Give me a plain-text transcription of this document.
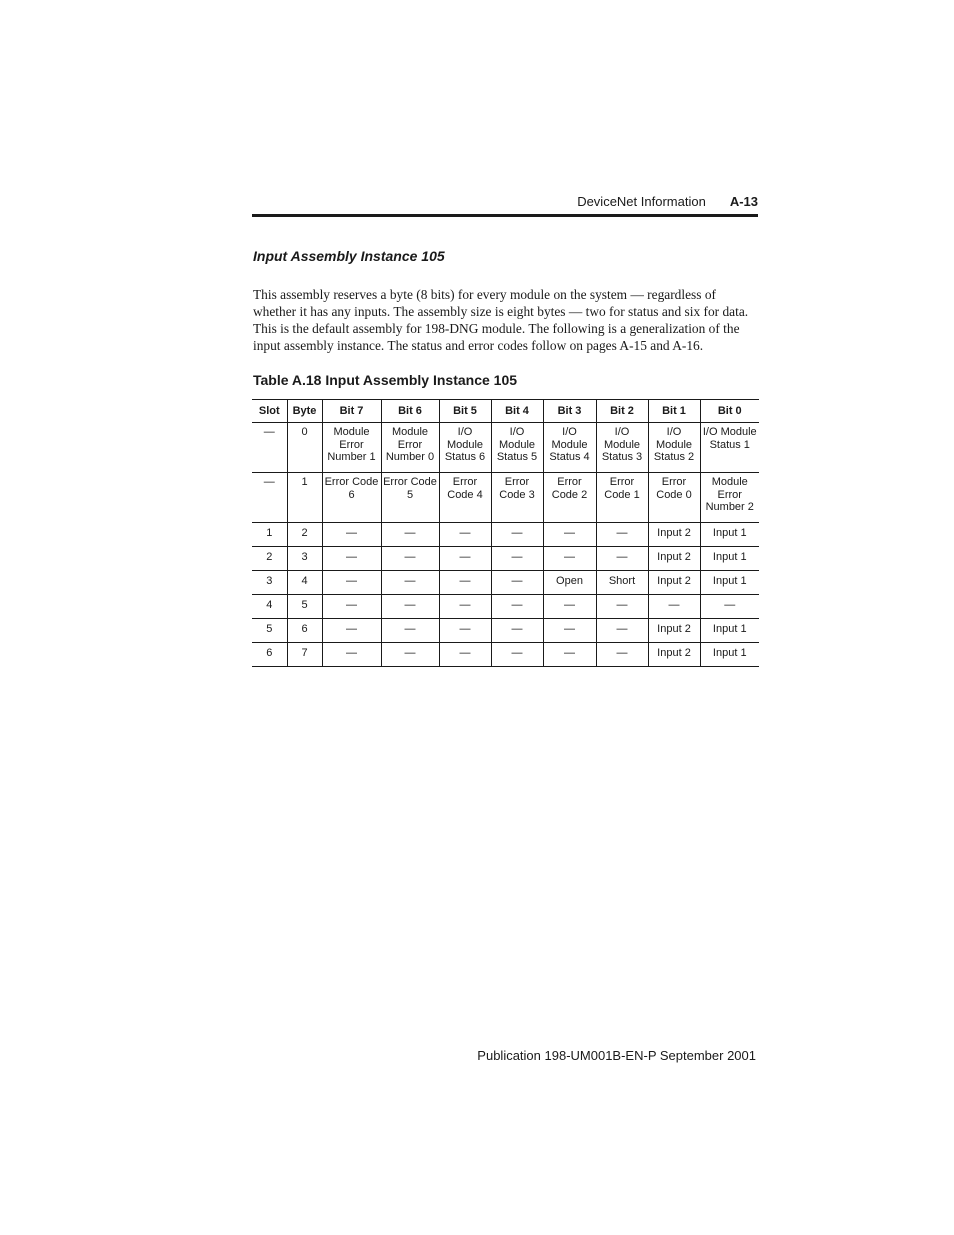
DeviceNet Information A-13
Input Assembly Instance 105

This assembly reserves a byte (8 bits) for every module on the system — regardless of whether it has any inputs. The assembly size is eight bytes — two for status and six for data. This is the default assembly for 198-DNG module. The following is a generalization of the input assembly instance. The status and error codes follow on pages A-15 and A-16.

Table A.18 Input Assembly Instance 105
Slot	Byte	Bit 7	Bit 6	Bit 5	Bit 4	Bit 3	Bit 2	Bit 1	Bit 0
—	0	Module Error Number 1	Module Error Number 0	I/O Module Status 6	I/O Module Status 5	I/O Module Status 4	I/O Module Status 3	I/O Module Status 2	I/O Module Status 1
—	1	Error Code 6	Error Code 5	Error Code 4	Error Code 3	Error Code 2	Error Code 1	Error Code 0	Module Error Number 2
1	2	—	—	—	—	—	—	Input 2	Input 1
2	3	—	—	—	—	—	—	Input 2	Input 1
3	4	—	—	—	—	Open	Short	Input 2	Input 1
4	5	—	—	—	—	—	—	—	—
5	6	—	—	—	—	—	—	Input 2	Input 1
6	7	—	—	—	—	—	—	Input 2	Input 1
Publication 198-UM001B-EN-P September 2001
